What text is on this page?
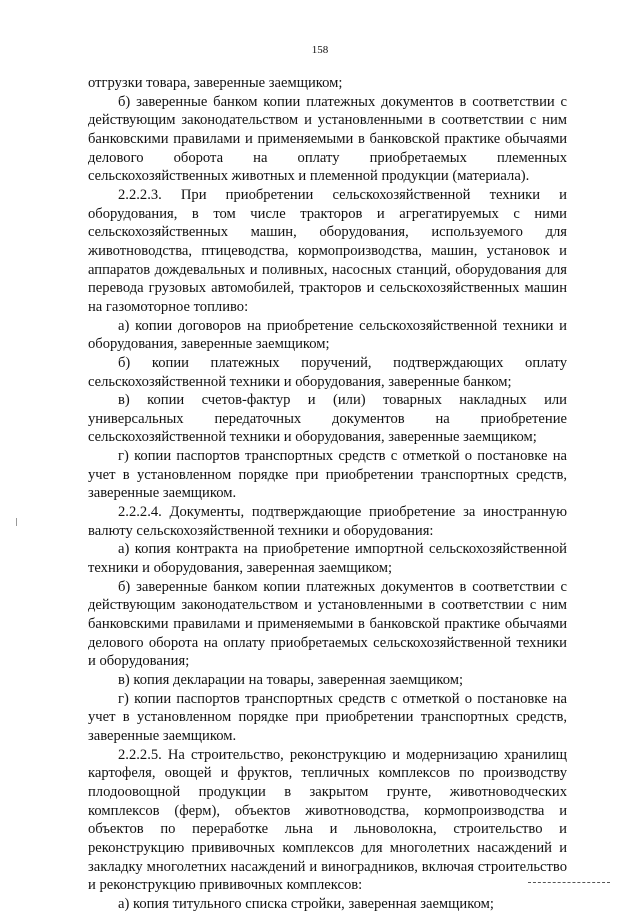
158

отгрузки товара, заверенные заемщиком;

б) заверенные банком копии платежных документов в соответствии с действующим законодательством и установленными в соответствии с ним банковскими правилами и применяемыми в банковской практике обычаями делового оборота на оплату приобретаемых племенных сельскохозяйственных животных и племенной продукции (материала).

2.2.2.3. При приобретении сельскохозяйственной техники и оборудования, в том числе тракторов и агрегатируемых с ними сельскохозяйственных машин, оборудования, используемого для животноводства, птицеводства, кормопроизводства, машин, установок и аппаратов дождевальных и поливных, насосных станций, оборудования для перевода грузовых автомобилей, тракторов и сельскохозяйственных машин на газомоторное топливо:

а) копии договоров на приобретение сельскохозяйственной техники и оборудования, заверенные заемщиком;

б) копии платежных поручений, подтверждающих оплату сельскохозяйственной техники и оборудования, заверенные банком;

в) копии счетов-фактур и (или) товарных накладных или универсальных передаточных документов на приобретение сельскохозяйственной техники и оборудования, заверенные заемщиком;

г) копии паспортов транспортных средств с отметкой о постановке на учет в установленном порядке при приобретении транспортных средств, заверенные заемщиком.

2.2.2.4. Документы, подтверждающие приобретение за иностранную валюту сельскохозяйственной техники и оборудования:

а) копия контракта на приобретение импортной сельскохозяйственной техники и оборудования, заверенная заемщиком;

б) заверенные банком копии платежных документов в соответствии с действующим законодательством и установленными в соответствии с ним банковскими правилами и применяемыми в банковской практике обычаями делового оборота на оплату приобретаемых сельскохозяйственной техники и оборудования;

в) копия декларации на товары, заверенная заемщиком;

г) копии паспортов транспортных средств с отметкой о постановке на учет в установленном порядке при приобретении транспортных средств, заверенные заемщиком.

2.2.2.5. На строительство, реконструкцию и модернизацию хранилищ картофеля, овощей и фруктов, тепличных комплексов по производству плодоовощной продукции в закрытом грунте, животноводческих комплексов (ферм), объектов животноводства, кормопроизводства и объектов по переработке льна и льноволокна, строительство и реконструкцию прививочных комплексов для многолетних насаждений и закладку многолетних насаждений и виноградников, включая строительство и реконструкцию прививочных комплексов:

а) копия титульного списка стройки, заверенная заемщиком;
